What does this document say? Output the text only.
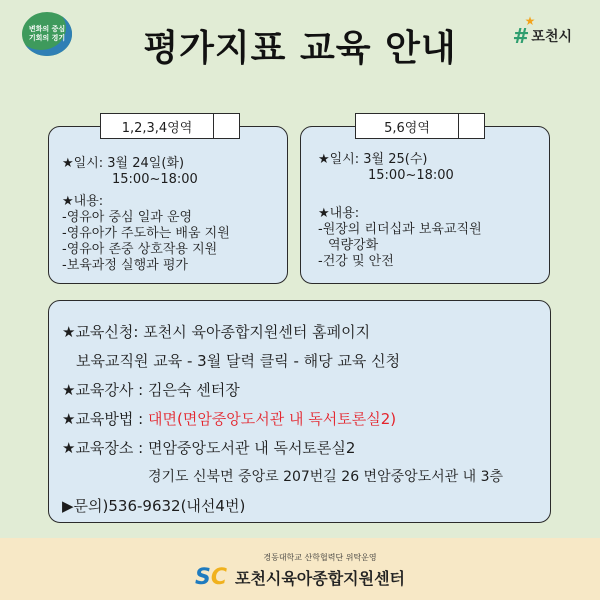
변화의 중심
기회의 경기	평가지표 교육 안내	#
★
포천시
1,2,3,4영역
★일시: 3월 24일(화)
15:00~18:00
★내용:
-영유아 중심 일과 운영
-영유아가 주도하는 배움 지원
-영유아 존중 상호작용 지원
-보육과정 실행과 평가
5,6영역
★일시: 3월 25(수)
15:00~18:00
★내용:
-원장의 리더십과 보육교직원
역량강화
-건강 및 안전
★교육신청: 포천시 육아종합지원센터 홈페이지
보육교직원 교육 - 3월 달력 클릭 - 해당 교육 신청
★교육강사 : 김은숙 센터장
★교육방법 : 대면(면암중앙도서관 내 독서토론실2)
★교육장소 : 면암중앙도서관 내 독서토론실2
경기도 신북면 중앙로 207번길 26 면암중앙도서관 내 3층
▶문의)536-9632(내선4번)
경동대학교 산학협력단 위탁운영
SC 포천시육아종합지원센터
